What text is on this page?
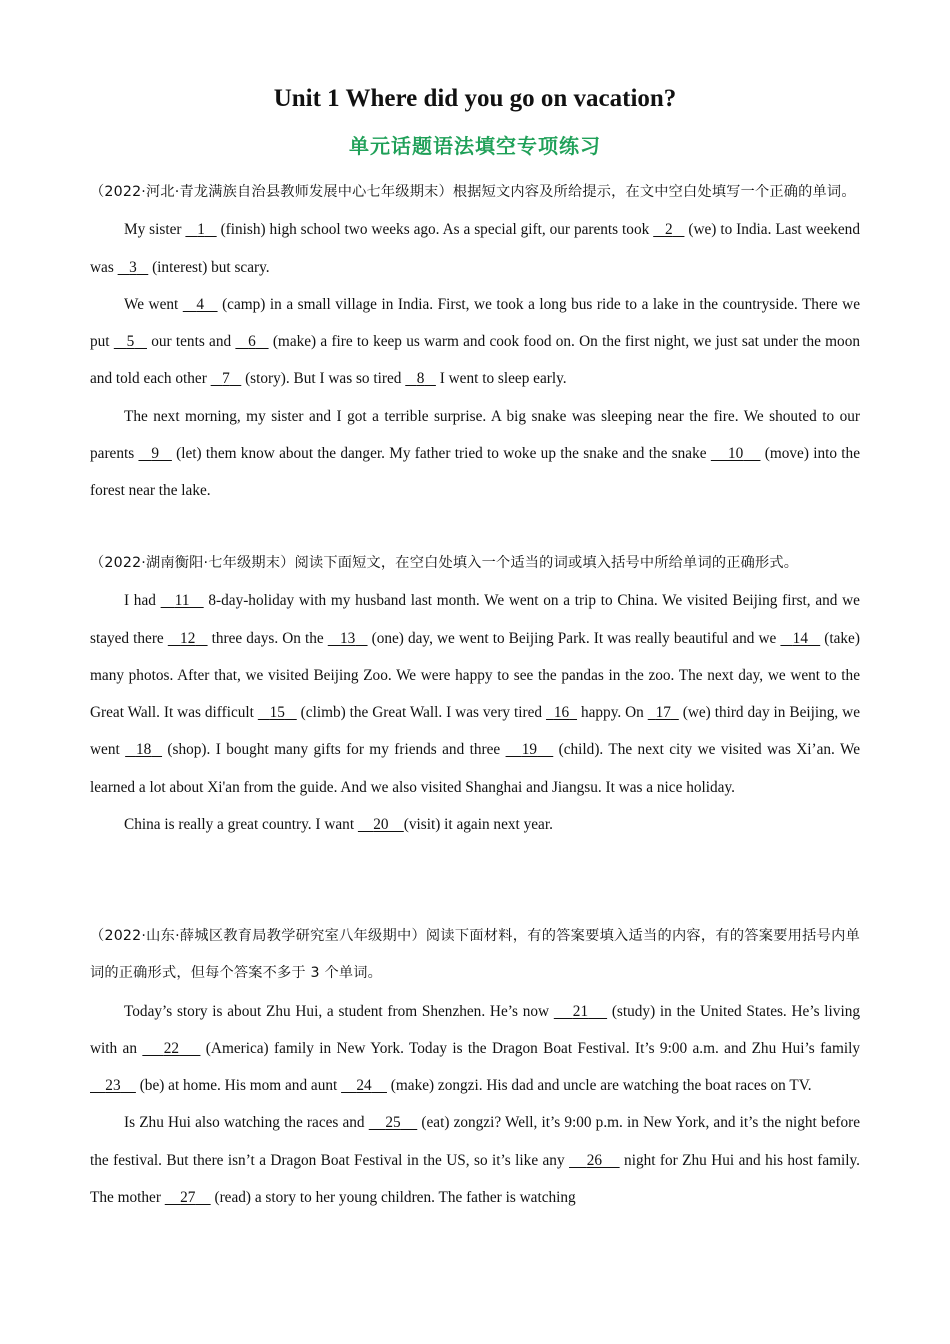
Unit 1 Where did you go on vacation?
单元话题语法填空专项练习

（2022·河北·青龙满族自治县教师发展中心七年级期末）根据短文内容及所给提示，在文中空白处填写一个正确的单词。

My sister    1    (finish) high school two weeks ago. As a special gift, our parents took    2    (we) to India. Last weekend was    3    (interest) but scary.

We went    4    (camp) in a small village in India. First, we took a long bus ride to a lake in the countryside. There we put    5    our tents and    6    (make) a fire to keep us warm and cook food on. On the first night, we just sat under the moon and told each other    7    (story). But I was so tired    8    I went to sleep early.

The next morning, my sister and I got a terrible surprise. A big snake was sleeping near the fire. We shouted to our parents    9    (let) them know about the danger. My father tried to woke up the snake and the snake     10     (move) into the forest near the lake.

（2022·湖南衡阳·七年级期末）阅读下面短文，在空白处填入一个适当的词或填入括号中所给单词的正确形式。

I had    11    8-day-holiday with my husband last month. We went on a trip to China. We visited Beijing first, and we stayed there    12    three days. On the    13    (one) day, we went to Beijing Park. It was really beautiful and we    14    (take) many photos. After that, we visited Beijing Zoo. We were happy to see the pandas in the zoo. The next day, we went to the Great Wall. It was difficult    15    (climb) the Great Wall. I was very tired   16   happy. On   17   (we) third day in Beijing, we went   18   (shop). I bought many gifts for my friends and three    19    (child). The next city we visited was Xi’an. We learned a lot about Xi'an from the guide. And we also visited Shanghai and Jiangsu. It was a nice holiday.

China is really a great country. I want     20 (visit) it again next year.

（2022·山东·薛城区教育局教学研究室八年级期中）阅读下面材料，有的答案要填入适当的内容，有的答案要用括号内单词的正确形式，但每个答案不多于 3 个单词。

Today’s story is about Zhu Hui, a student from Shenzhen. He’s now     21     (study) in the United States. He’s living with an     22     (America) family in New York. Today is the Dragon Boat Festival. It’s 9:00 a.m. and Zhu Hui’s family     23     (be) at home. His mom and aunt     24     (make) zongzi. His dad and uncle are watching the boat races on TV.

Is Zhu Hui also watching the races and     25     (eat) zongzi? Well, it’s 9:00 p.m. in New York, and it’s the night before the festival. But there isn’t a Dragon Boat Festival in the US, so it’s like any     26     night for Zhu Hui and his host family. The mother     27     (read) a story to her young children. The father is watching
